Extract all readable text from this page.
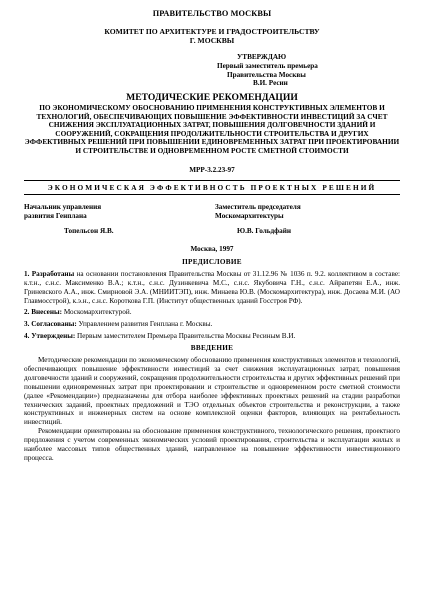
ПРАВИТЕЛЬСТВО МОСКВЫ
КОМИТЕТ ПО АРХИТЕКТУРЕ И ГРАДОСТРОИТЕЛЬСТВУ
Г. МОСКВЫ
УТВЕРЖДАЮ
Первый заместитель премьера
Правительства Москвы
В.И. Ресин
МЕТОДИЧЕСКИЕ РЕКОМЕНДАЦИИ
ПО ЭКОНОМИЧЕСКОМУ ОБОСНОВАНИЮ ПРИМЕНЕНИЯ КОНСТРУКТИВНЫХ ЭЛЕМЕНТОВ И ТЕХНОЛОГИЙ, ОБЕСПЕЧИВАЮЩИХ ПОВЫШЕНИЕ ЭФФЕКТИВНОСТИ ИНВЕСТИЦИЙ ЗА СЧЕТ СНИЖЕНИЯ ЭКСПЛУАТАЦИОННЫХ ЗАТРАТ, ПОВЫШЕНИЯ ДОЛГОВЕЧНОСТИ ЗДАНИЙ И СООРУЖЕНИЙ, СОКРАЩЕНИЯ ПРОДОЛЖИТЕЛЬНОСТИ СТРОИТЕЛЬСТВА И ДРУГИХ ЭФФЕКТИВНЫХ РЕШЕНИЙ ПРИ ПОВЫШЕНИИ ЕДИНОВРЕМЕННЫХ ЗАТРАТ ПРИ ПРОЕКТИРОВАНИИ И СТРОИТЕЛЬСТВЕ И ОДНОВРЕМЕННОМ РОСТЕ СМЕТНОЙ СТОИМОСТИ
МРР-3.2.23-97
ЭКОНОМИЧЕСКАЯ ЭФФЕКТИВНОСТЬ ПРОЕКТНЫХ РЕШЕНИЙ
Начальник управления
развития Генплана
Заместитель председателя
Москомархитектуры
Топельсон Я.В.	Ю.В. Гольдфайн
Москва, 1997
ПРЕДИСЛОВИЕ

1. Разработаны на основании постановления Правительства Москвы от 31.12.96 № 1036 п. 9.2. коллективом в составе: к.т.н., с.н.с. Максименко В.А.; к.т.н., с.н.с. Дузинкевича М.С., с.н.с. Якубовича Г.Н., с.н.с. Айрапетян Е.А., инж. Гриневского А.А., инж. Смирновой Э.А. (МНИИТЭП), инж. Минаева Ю.В. (Москомархитектура), инж. Досаева М.И. (АО Главмосстрой), к.э.н., с.н.с. Короткова Г.П. (Институт общественных зданий Госстроя РФ).

2. Внесены: Москомархитектурой.

3. Согласованы: Управлением развития Генплана г. Москвы.

4. Утверждены: Первым заместителем Премьера Правительства Москвы Ресиным В.И.

ВВЕДЕНИЕ

Методические рекомендации по экономическому обоснованию применения конструктивных элементов и технологий, обеспечивающих повышение эффективности инвестиций за счет снижения эксплуатационных затрат, повышения долговечности зданий и сооружений, сокращения продолжительности строительства и других эффективных решений при повышении единовременных затрат при проектировании и строительстве и одновременном росте сметной стоимости (далее «Рекомендации») предназначены для отбора наиболее эффективных проектных решений на стадии разработки технических заданий, проектных предложений и ТЭО отдельных объектов строительства и реконструкции, а также конструктивных и инженерных систем на основе комплексной оценки факторов, влияющих на рентабельность инвестиций.

Рекомендации ориентированы на обоснование применения конструктивного, технологического решения, проектного предложения с учетом современных экономических условий проектирования, строительства и эксплуатации жилых и наиболее массовых типов общественных зданий, направленное на повышение эффективности инвестиционного процесса.
